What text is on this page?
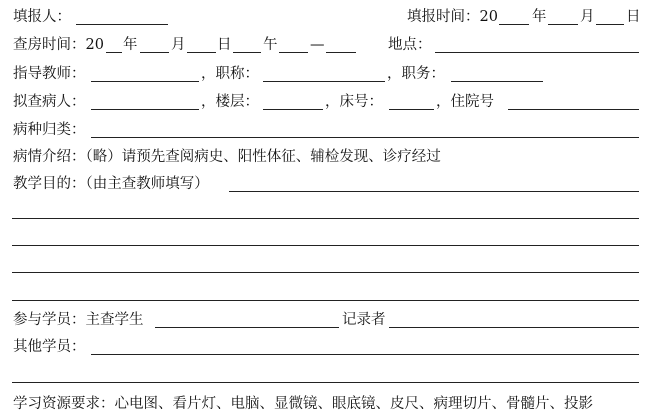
填报人：	填报时间：20 年 月 日
查房时间：20 年 月 日 午 —	地点：
指导教师：	，职称：	，职务：
拟查病人：	，楼层：	，床号：	，住院号
病种归类：
病情介绍：（略）请预先查阅病史、阳性体征、辅检发现、诊疗经过
教学目的：（由主查教师填写）
参与学员：主查学生	记录者
其他学员：
学习资源要求：心电图、看片灯、电脑、显微镜、眼底镜、皮尺、病理切片、骨髓片、投影
